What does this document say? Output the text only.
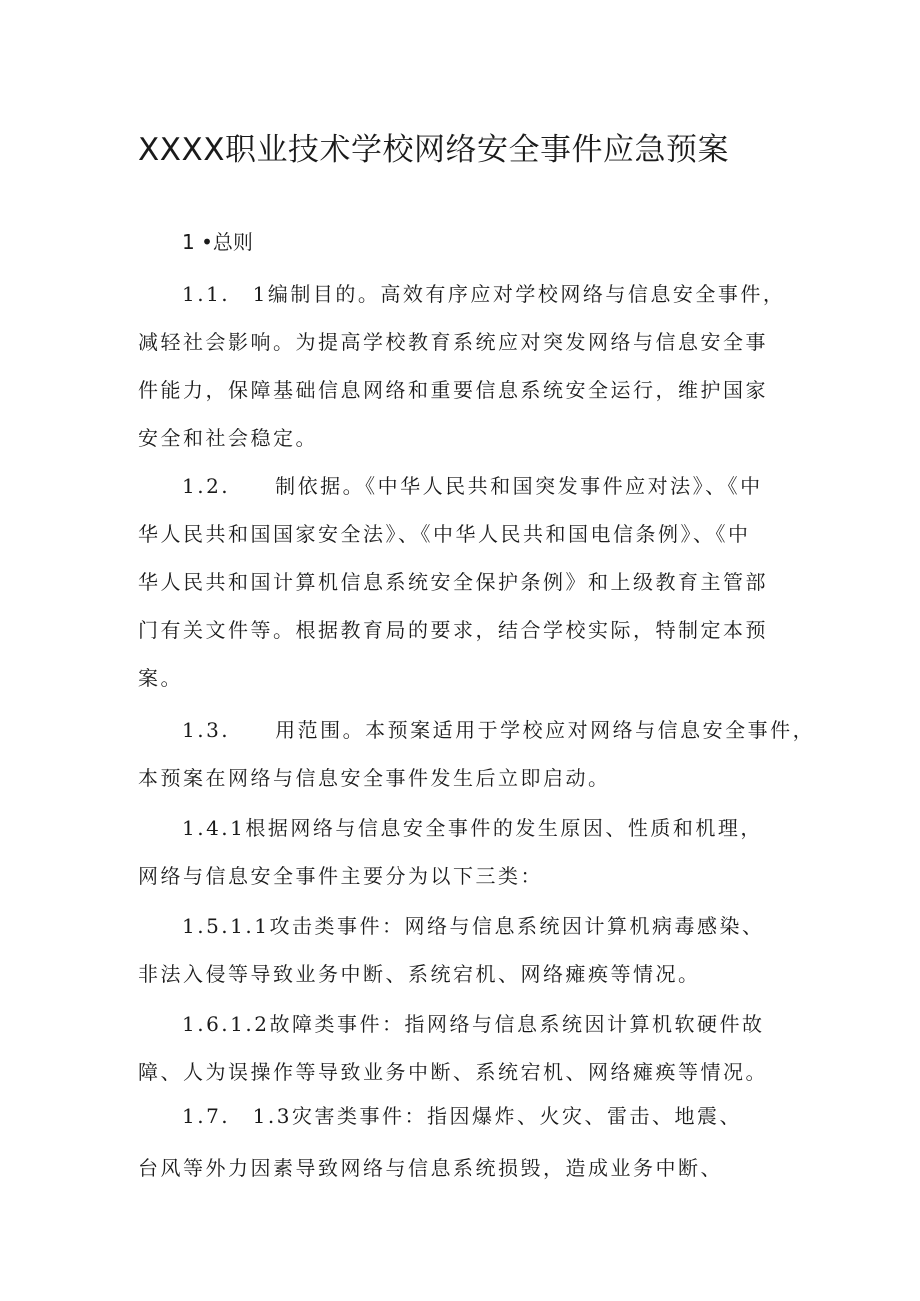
XXXX职业技术学校网络安全事件应急预案
1 •总则
1.1.　1编制目的。高效有序应对学校网络与信息安全事件，
减轻社会影响。为提高学校教育系统应对突发网络与信息安全事
件能力，保障基础信息网络和重要信息系统安全运行，维护国家
安全和社会稳定。
1.2.　　制依据。《中华人民共和国突发事件应对法》、《中
华人民共和国国家安全法》、《中华人民共和国电信条例》、《中
华人民共和国计算机信息系统安全保护条例》和上级教育主管部
门有关文件等。根据教育局的要求，结合学校实际，特制定本预
案。
1.3.　　用范围。本预案适用于学校应对网络与信息安全事件，
本预案在网络与信息安全事件发生后立即启动。
1.4.1根据网络与信息安全事件的发生原因、性质和机理，
网络与信息安全事件主要分为以下三类：
1.5.1.1攻击类事件：网络与信息系统因计算机病毒感染、
非法入侵等导致业务中断、系统宕机、网络瘫痪等情况。
1.6.1.2故障类事件：指网络与信息系统因计算机软硬件故
障、人为误操作等导致业务中断、系统宕机、网络瘫痪等情况。
1.7.　1.3灾害类事件：指因爆炸、火灾、雷击、地震、
台风等外力因素导致网络与信息系统损毁，造成业务中断、
